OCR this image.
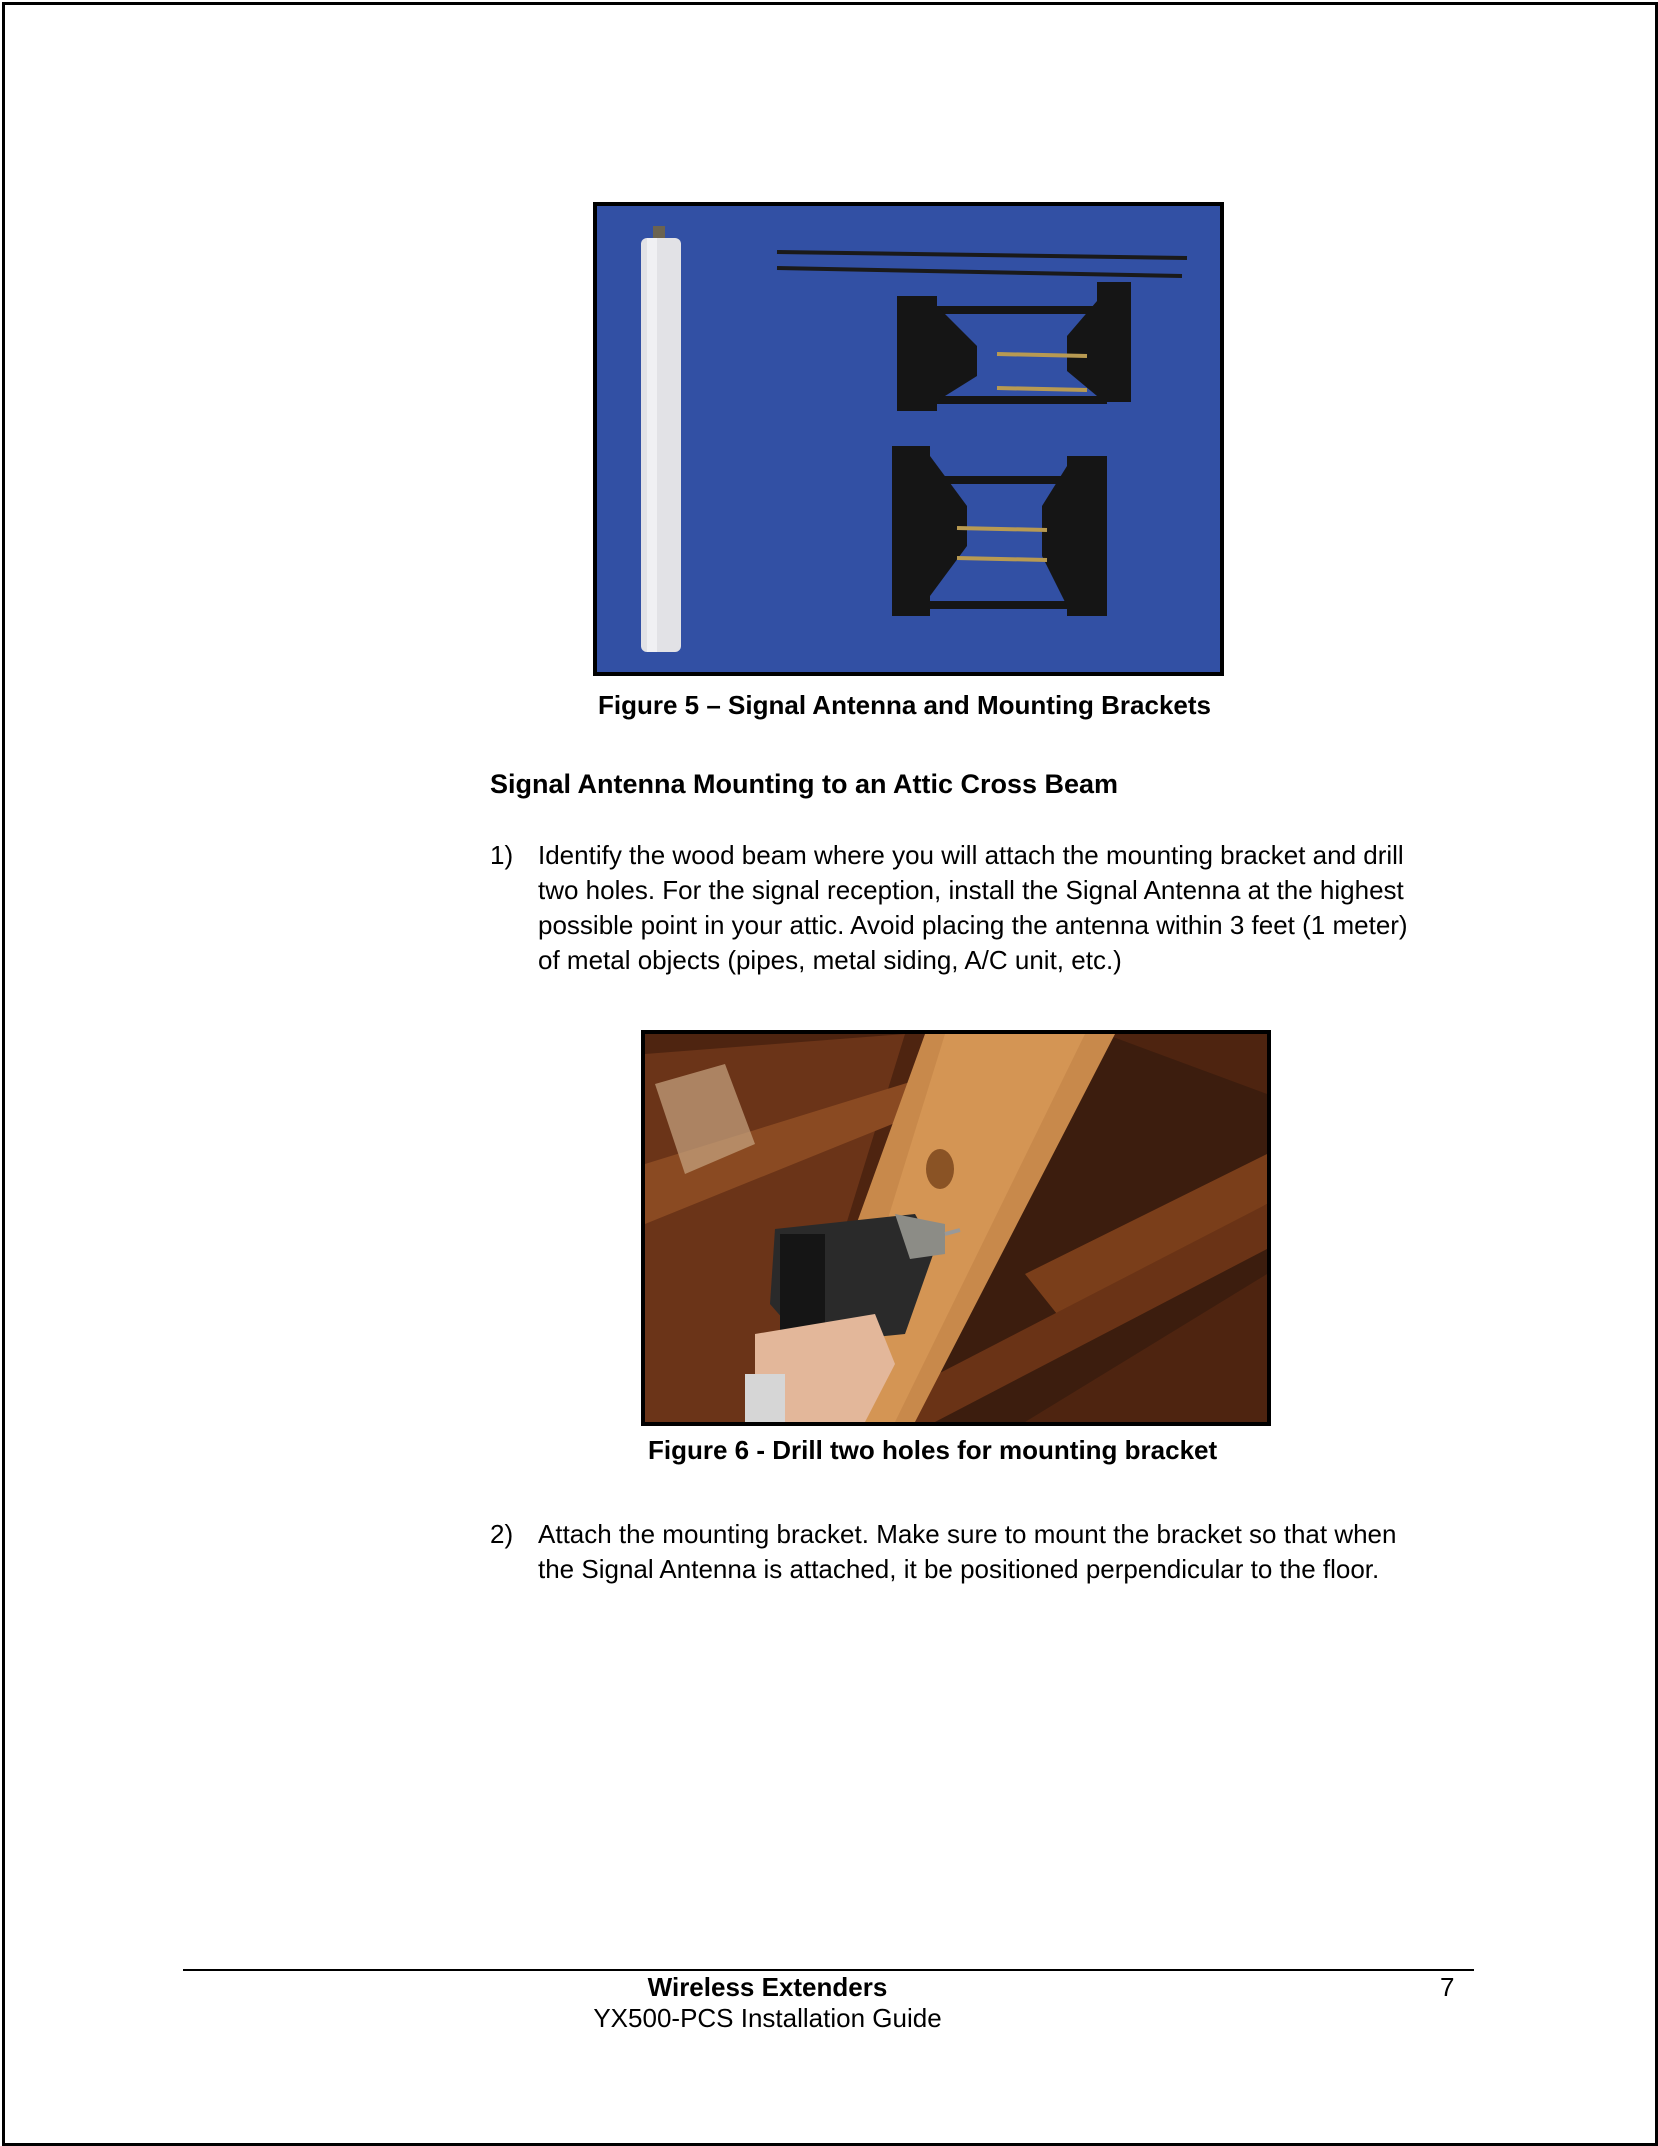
Figure 5 – Signal Antenna and Mounting Brackets
Signal Antenna Mounting to an Attic Cross Beam
1) Identify the wood beam where you will attach the mounting bracket and drill
two holes. For the signal reception, install the Signal Antenna at the highest
possible point in your attic. Avoid placing the antenna within 3 feet (1 meter)
of metal objects (pipes, metal siding, A/C unit, etc.)
Figure 6 - Drill two holes for mounting bracket
2) Attach the mounting bracket. Make sure to mount the bracket so that when
the Signal Antenna is attached, it be positioned perpendicular to the floor.
Wireless Extenders
YX500-PCS Installation Guide
7
